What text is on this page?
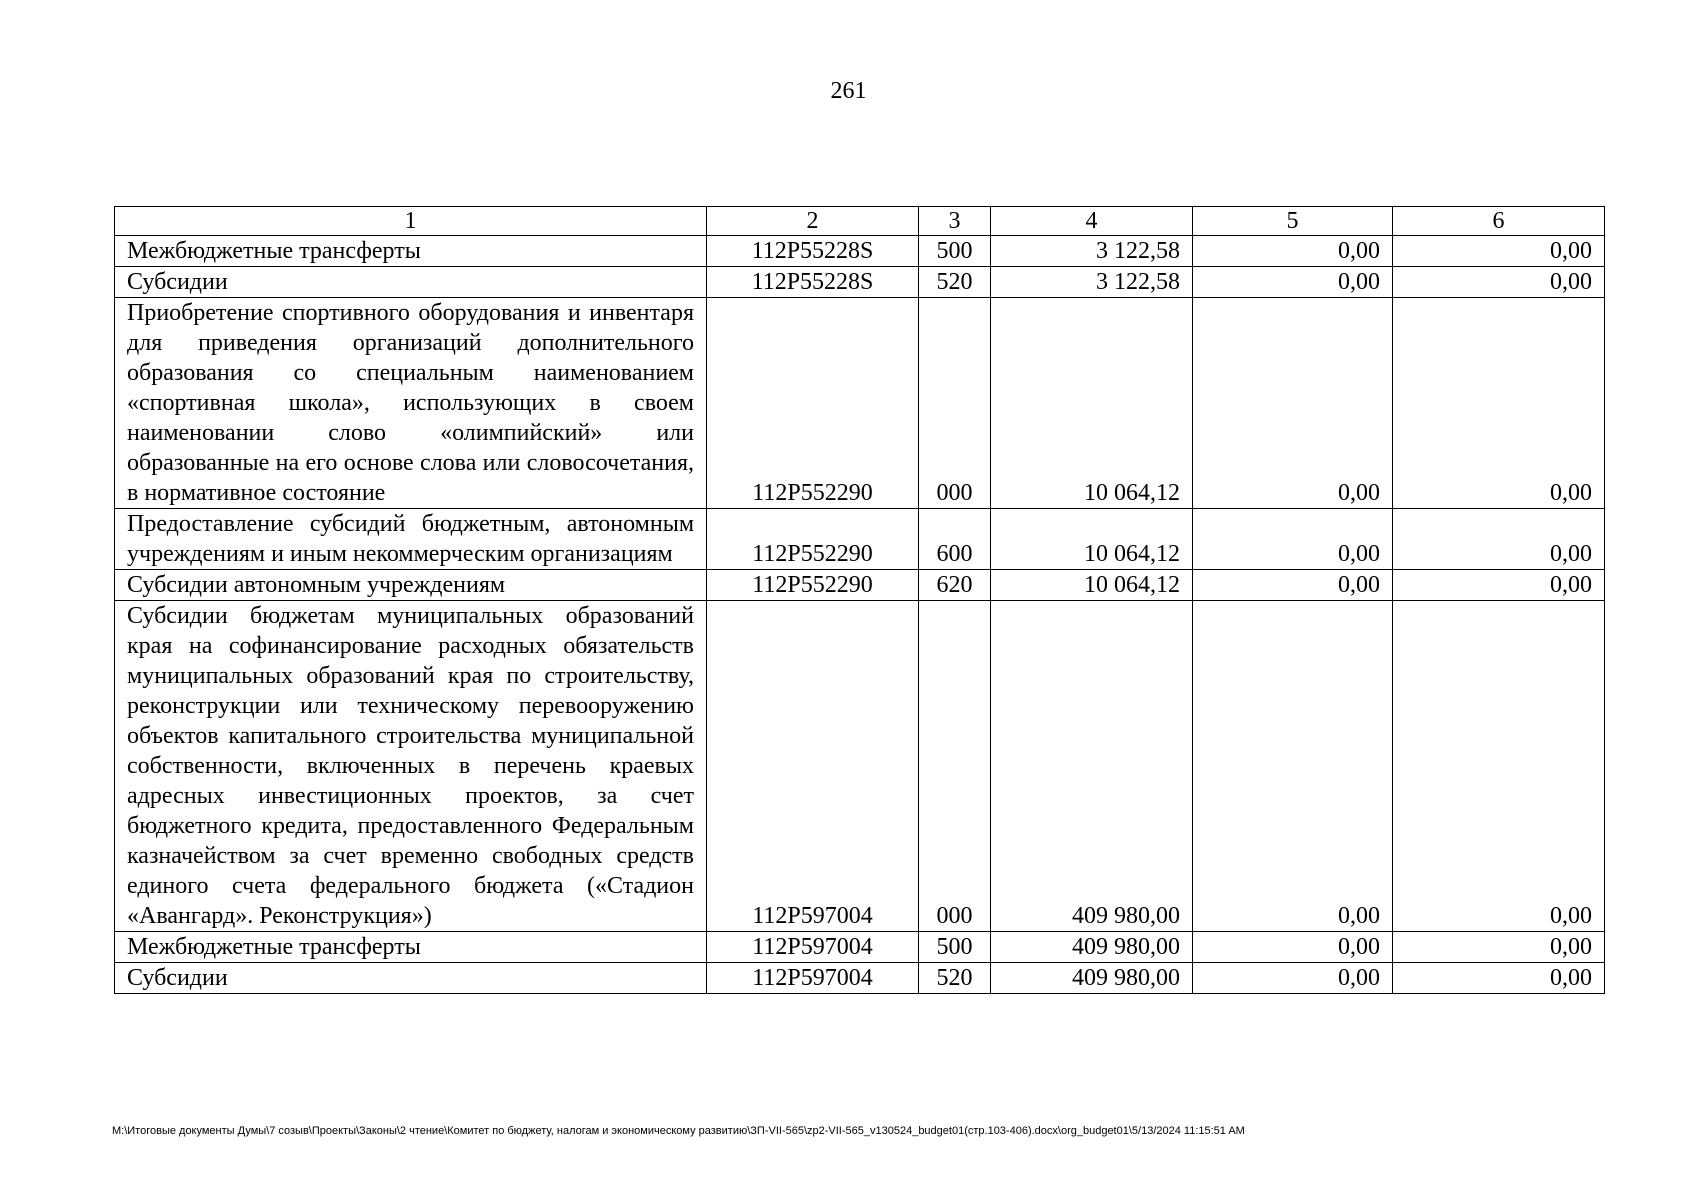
261
1	2	3	4	5	6
Межбюджетные трансферты	112P55228S	500	3 122,58	0,00	0,00
Субсидии	112P55228S	520	3 122,58	0,00	0,00
Приобретение спортивного оборудования и инвентаря для приведения организаций дополнительного образования со специальным наименованием «спортивная школа», использующих в своем наименовании слово «олимпийский» или образованные на его основе слова или словосочетания, в нормативное состояние	112P552290	000	10 064,12	0,00	0,00
Предоставление субсидий бюджетным, автономным учреждениям и иным некоммерческим организациям	112P552290	600	10 064,12	0,00	0,00
Субсидии автономным учреждениям	112P552290	620	10 064,12	0,00	0,00
Субсидии бюджетам муниципальных образований края на софинансирование расходных обязательств муниципальных образований края по строительству, реконструкции или техническому перевооружению объектов капитального строительства муниципальной собственности, включенных в перечень краевых адресных инвестиционных проектов, за счет бюджетного кредита, предоставленного Федеральным казначейством за счет временно свободных средств единого счета федерального бюджета («Стадион «Авангард». Реконструкция»)	112P597004	000	409 980,00	0,00	0,00
Межбюджетные трансферты	112P597004	500	409 980,00	0,00	0,00
Субсидии	112P597004	520	409 980,00	0,00	0,00
M:\Итоговые документы Думы\7 созыв\Проекты\Законы\2 чтение\Комитет по бюджету, налогам и экономическому развитию\ЗП-VII-565\zp2-VII-565_v130524_budget01(стр.103-406).docx\org_budget01\5/13/2024 11:15:51 AM
